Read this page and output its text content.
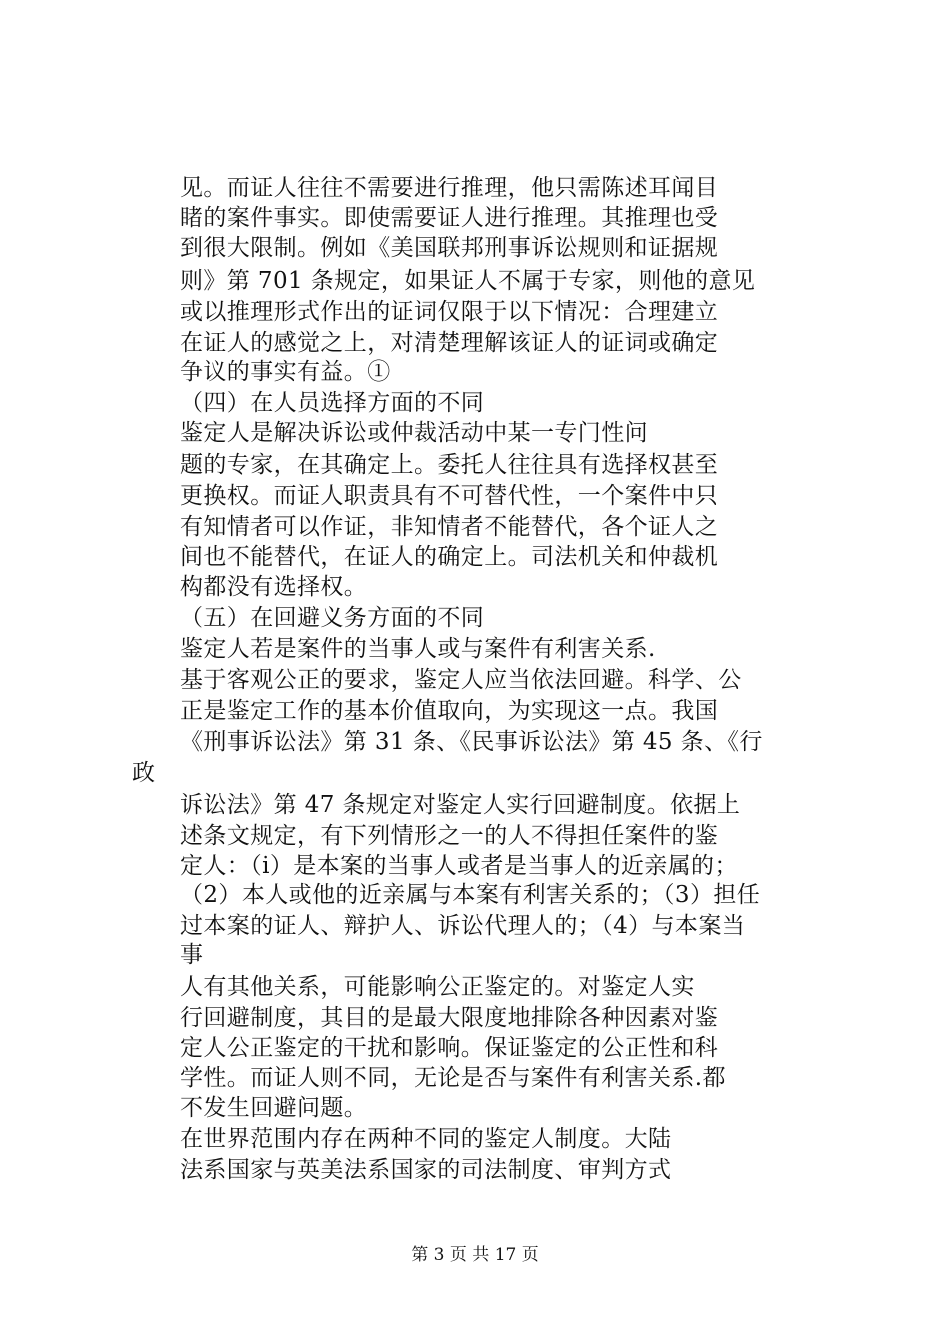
见。而证人往往不需要进行推理，他只需陈述耳闻目
睹的案件事实。即使需要证人进行推理。其推理也受
到很大限制。例如《美国联邦刑事诉讼规则和证据规
则》第 701 条规定，如果证人不属于专家，则他的意见
或以推理形式作出的证词仅限于以下情况：合理建立
在证人的感觉之上，对清楚理解该证人的证词或确定
争议的事实有益。①
（四）在人员选择方面的不同
鉴定人是解决诉讼或仲裁活动中某一专门性问
题的专家，在其确定上。委托人往往具有选择权甚至
更换权。而证人职责具有不可替代性，一个案件中只
有知情者可以作证，非知情者不能替代，各个证人之
间也不能替代，在证人的确定上。司法机关和仲裁机
构都没有选择权。
（五）在回避义务方面的不同
鉴定人若是案件的当事人或与案件有利害关系.
基于客观公正的要求，鉴定人应当依法回避。科学、公
正是鉴定工作的基本价值取向，为实现这一点。我国
《刑事诉讼法》第 31 条、《民事诉讼法》第 45 条、《行
政
诉讼法》第 47 条规定对鉴定人实行回避制度。依据上
述条文规定，有下列情形之一的人不得担任案件的鉴
定人：（i）是本案的当事人或者是当事人的近亲属的；
（2）本人或他的近亲属与本案有利害关系的；（3）担任
过本案的证人、辩护人、诉讼代理人的；（4）与本案当
事
人有其他关系，可能影响公正鉴定的。对鉴定人实
行回避制度，其目的是最大限度地排除各种因素对鉴
定人公正鉴定的干扰和影响。保证鉴定的公正性和科
学性。而证人则不同，无论是否与案件有利害关系.都
不发生回避问题。
在世界范围内存在两种不同的鉴定人制度。大陆
法系国家与英美法系国家的司法制度、审判方式
第 3 页 共 17 页
